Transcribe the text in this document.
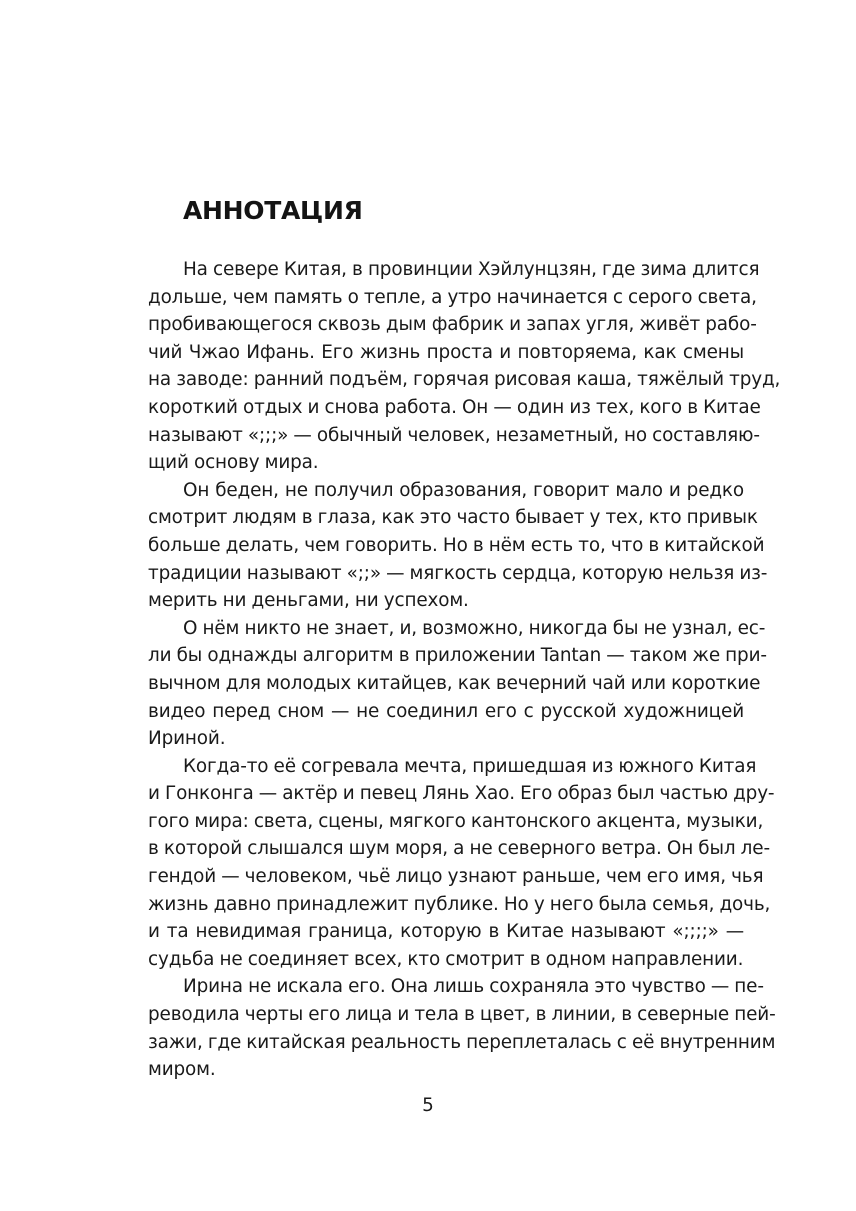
АННОТАЦИЯ

На севере Китая, в провинции Хэйлунцзян, где зима длится
дольше, чем память о тепле, а утро начинается с серого света,
пробивающегося сквозь дым фабрик и запах угля, живёт рабо-
чий Чжао Ифань. Его жизнь проста и повторяема, как смены
на заводе: ранний подъём, горячая рисовая каша, тяжёлый труд,
короткий отдых и снова работа. Он — один из тех, кого в Китае
называют «;;;» — обычный человек, незаметный, но составляю-
щий основу мира.

Он беден, не получил образования, говорит мало и редко
смотрит людям в глаза, как это часто бывает у тех, кто привык
больше делать, чем говорить. Но в нём есть то, что в китайской
традиции называют «;;» — мягкость сердца, которую нельзя из-
мерить ни деньгами, ни успехом.

О нём никто не знает, и, возможно, никогда бы не узнал, ес-
ли бы однажды алгоритм в приложении Tantan — таком же при-
вычном для молодых китайцев, как вечерний чай или короткие
видео перед сном — не соединил его с русской художницей
Ириной.

Когда-то её согревала мечта, пришедшая из южного Китая
и Гонконга — актёр и певец Лянь Хао. Его образ был частью дру-
гого мира: света, сцены, мягкого кантонского акцента, музыки,
в которой слышался шум моря, а не северного ветра. Он был ле-
гендой — человеком, чьё лицо узнают раньше, чем его имя, чья
жизнь давно принадлежит публике. Но у него была семья, дочь,
и та невидимая граница, которую в Китае называют «;;;;» —
судьба не соединяет всех, кто смотрит в одном направлении.

Ирина не искала его. Она лишь сохраняла это чувство — пе-
реводила черты его лица и тела в цвет, в линии, в северные пей-
зажи, где китайская реальность переплеталась с её внутренним
миром.

5
